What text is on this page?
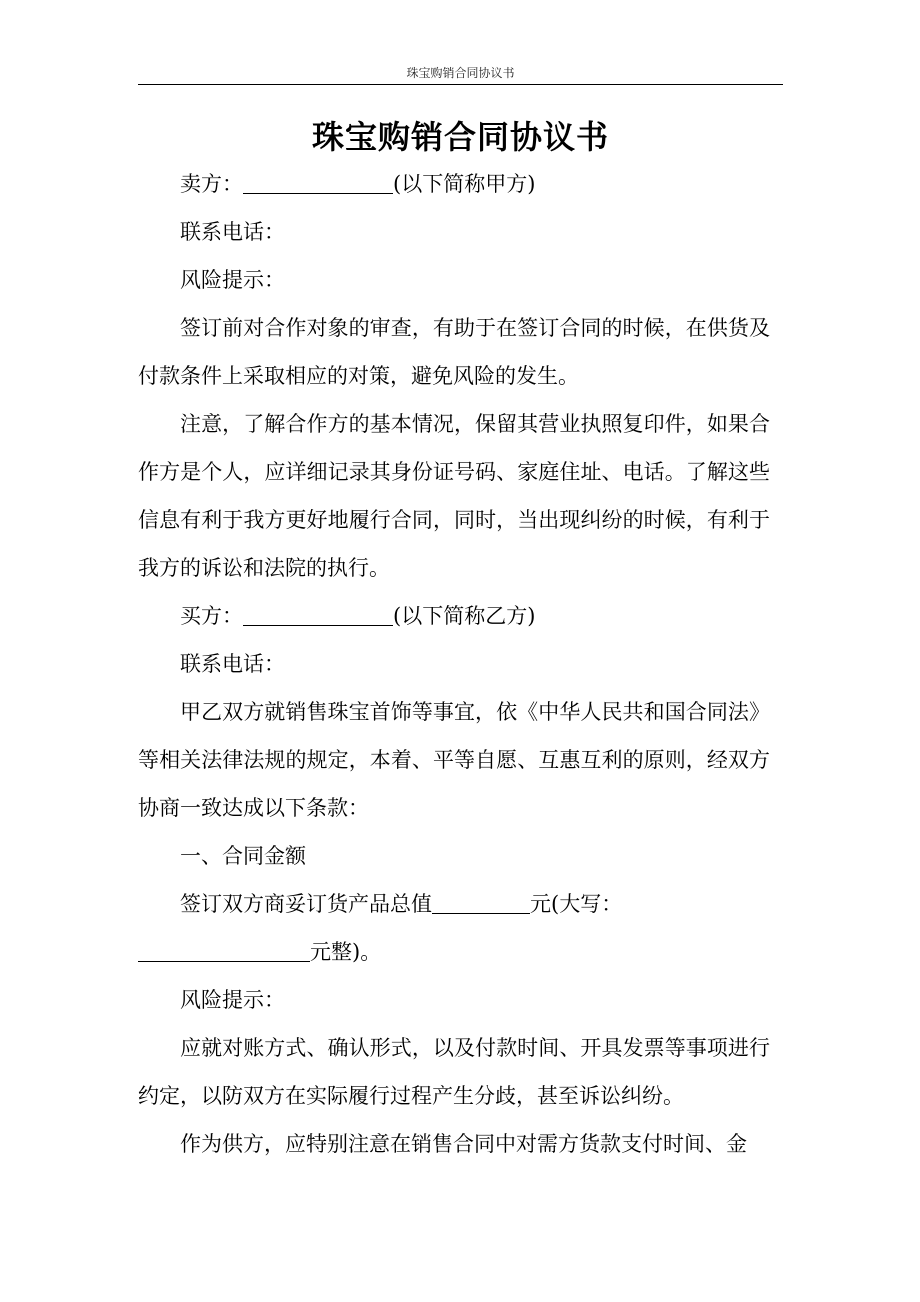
珠宝购销合同协议书
珠宝购销合同协议书

卖方：	(以下简称甲方)

联系电话：

风险提示：

签订前对合作对象的审查，有助于在签订合同的时候，在供货及付款条件上采取相应的对策，避免风险的发生。

注意，了解合作方的基本情况，保留其营业执照复印件，如果合作方是个人，应详细记录其身份证号码、家庭住址、电话。了解这些信息有利于我方更好地履行合同，同时，当出现纠纷的时候，有利于我方的诉讼和法院的执行。

买方：	(以下简称乙方)

联系电话：

甲乙双方就销售珠宝首饰等事宜，依《中华人民共和国合同法》等相关法律法规的规定，本着、平等自愿、互惠互利的原则，经双方协商一致达成以下条款：

一、合同金额

签订双方商妥订货产品总值	元(大写：

元整)。

风险提示：

应就对账方式、确认形式，以及付款时间、开具发票等事项进行约定，以防双方在实际履行过程产生分歧，甚至诉讼纠纷。

作为供方，应特别注意在销售合同中对需方货款支付时间、金
